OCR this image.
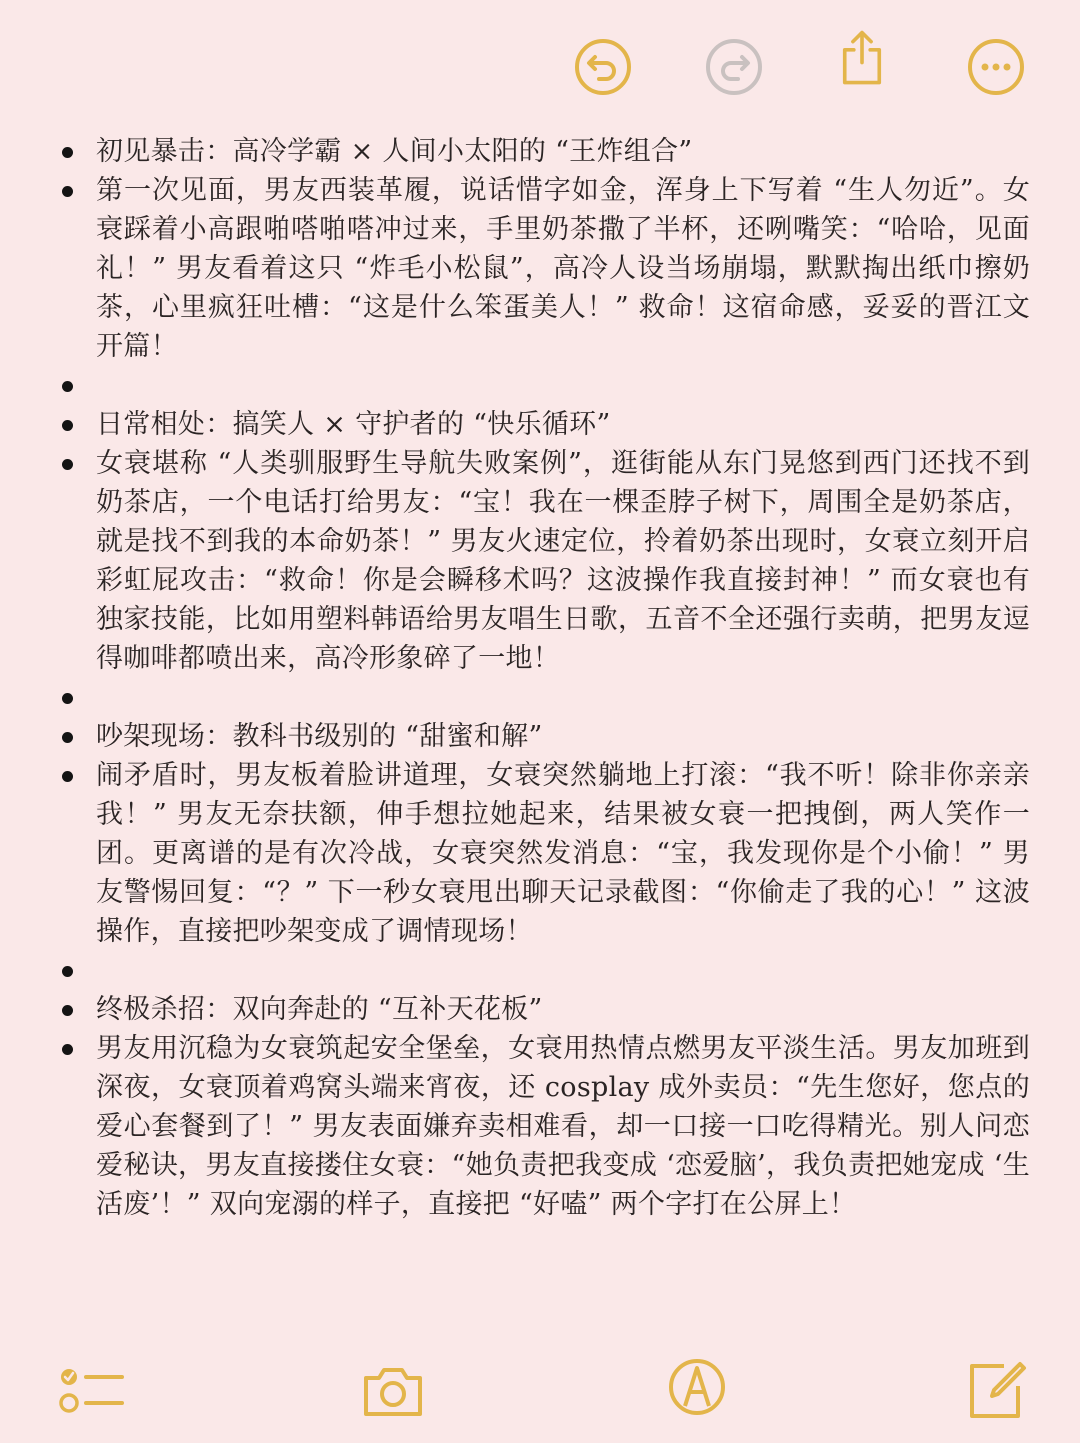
初见暴击：高冷学霸 × 人间小太阳的 “王炸组合”
第一次见面，男友西装革履，说话惜字如金，浑身上下写着 “生人勿近”。女衰踩着小高跟啪嗒啪嗒冲过来，手里奶茶撒了半杯，还咧嘴笑：“哈哈，见面礼！” 男友看着这只 “炸毛小松鼠”，高冷人设当场崩塌，默默掏出纸巾擦奶茶，心里疯狂吐槽：“这是什么笨蛋美人！” 救命！这宿命感，妥妥的晋江文开篇！
日常相处：搞笑人 × 守护者的 “快乐循环”
女衰堪称 “人类驯服野生导航失败案例”，逛街能从东门晃悠到西门还找不到奶茶店，一个电话打给男友：“宝！我在一棵歪脖子树下，周围全是奶茶店，就是找不到我的本命奶茶！” 男友火速定位，拎着奶茶出现时，女衰立刻开启彩虹屁攻击：“救命！你是会瞬移术吗？这波操作我直接封神！” 而女衰也有独家技能，比如用塑料韩语给男友唱生日歌，五音不全还强行卖萌，把男友逗得咖啡都喷出来，高冷形象碎了一地！
吵架现场：教科书级别的 “甜蜜和解”
闹矛盾时，男友板着脸讲道理，女衰突然躺地上打滚：“我不听！除非你亲亲我！” 男友无奈扶额，伸手想拉她起来，结果被女衰一把拽倒，两人笑作一团。更离谱的是有次冷战，女衰突然发消息：“宝，我发现你是个小偷！” 男友警惕回复：“？” 下一秒女衰甩出聊天记录截图：“你偷走了我的心！” 这波操作，直接把吵架变成了调情现场！
终极杀招：双向奔赴的 “互补天花板”
男友用沉稳为女衰筑起安全堡垒，女衰用热情点燃男友平淡生活。男友加班到深夜，女衰顶着鸡窝头端来宵夜，还 cosplay 成外卖员：“先生您好，您点的爱心套餐到了！” 男友表面嫌弃卖相难看，却一口接一口吃得精光。别人问恋爱秘诀，男友直接搂住女衰：“她负责把我变成 ‘恋爱脑’，我负责把她宠成 ‘生活废’！” 双向宠溺的样子，直接把 “好嗑” 两个字打在公屏上！
